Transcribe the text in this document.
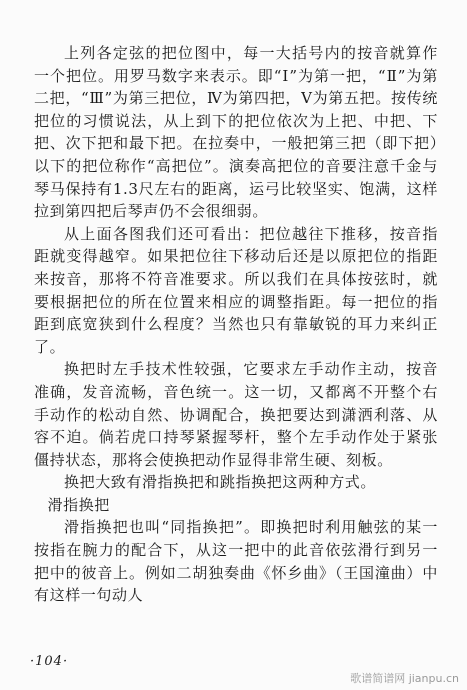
上列各定弦的把位图中，每一大括号内的按音就算作一个把位。用罗马数字来表示。即“Ⅰ”为第一把，“Ⅱ”为第二把，“Ⅲ”为第三把位，Ⅳ为第四把，Ⅴ为第五把。按传统把位的习惯说法，从上到下的把位依次为上把、中把、下把、次下把和最下把。在拉奏中，一般把第三把（即下把）以下的把位称作“高把位”。演奏高把位的音要注意千金与琴马保持有1.3尺左右的距离，运弓比较坚实、饱满，这样拉到第四把后琴声仍不会很细弱。

从上面各图我们还可看出：把位越往下推移，按音指距就变得越窄。如果把位往下移动后还是以原把位的指距来按音，那将不符音准要求。所以我们在具体按弦时，就要根据把位的所在位置来相应的调整指距。每一把位的指距到底宽狭到什么程度？当然也只有靠敏锐的耳力来纠正了。

换把时左手技术性较强，它要求左手动作主动，按音准确，发音流畅，音色统一。这一切，又都离不开整个右手动作的松动自然、协调配合，换把要达到潇洒利落、从容不迫。倘若虎口持琴紧握琴杆，整个左手动作处于紧张僵持状态，那将会使换把动作显得非常生硬、刻板。

换把大致有滑指换把和跳指换把这两种方式。

滑指换把

滑指换把也叫“同指换把”。即换把时利用触弦的某一按指在腕力的配合下，从这一把中的此音依弦滑行到另一把中的彼音上。例如二胡独奏曲《怀乡曲》（王国潼曲）中有这样一句动人

·104·
歌谱简谱网 jianpu.cn
